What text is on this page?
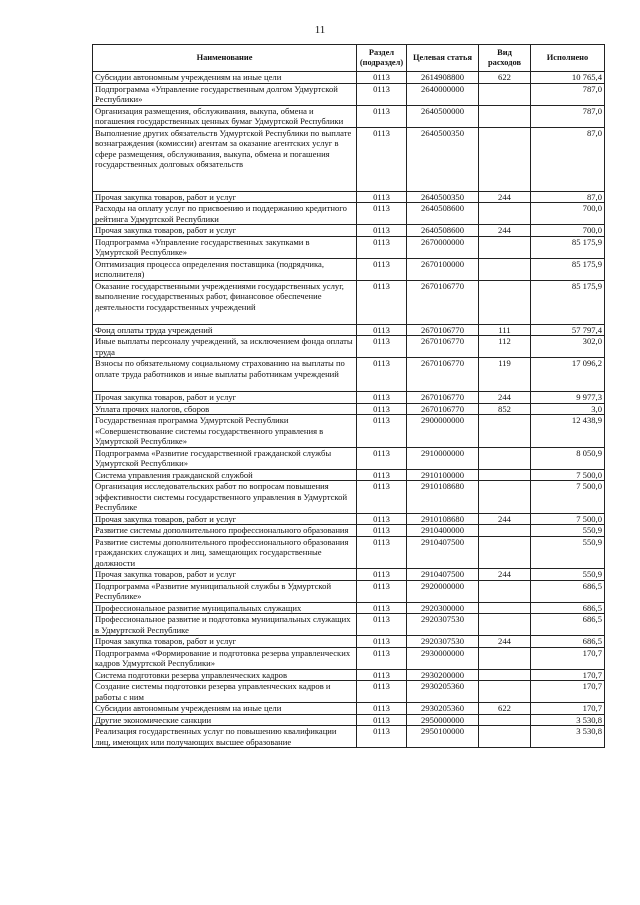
11
Наименование	Раздел (подраздел)	Целевая статья	Вид расходов	Исполнено
Субсидии автономным учреждениям на иные цели	0113	2614908800	622	10 765,4
Подпрограмма «Управление государственным долгом Удмуртской Республики»	0113	2640000000		787,0
Организация размещения, обслуживания, выкупа, обмена и погашения государственных ценных бумаг Удмуртской Республики	0113	2640500000		787,0
Выполнение других обязательств Удмуртской Республики по выплате вознаграждения (комиссии) агентам за оказание агентских услуг в сфере размещения, обслуживания, выкупа, обмена и погашения государственных долговых обязательств	0113	2640500350		87,0
Прочая закупка товаров, работ и услуг	0113	2640500350	244	87,0
Расходы на оплату услуг по присвоению и поддержанию кредитного рейтинга Удмуртской Республики	0113	2640508600		700,0
Прочая закупка товаров, работ и услуг	0113	2640508600	244	700,0
Подпрограмма «Управление государственных закупками в Удмуртской Республике»	0113	2670000000		85 175,9
Оптимизация процесса определения поставщика (подрядчика, исполнителя)	0113	2670100000		85 175,9
Оказание государственными учреждениями государственных услуг, выполнение государственных работ, финансовое обеспечение деятельности государственных учреждений	0113	2670106770		85 175,9
Фонд оплаты труда учреждений	0113	2670106770	111	57 797,4
Иные выплаты персоналу учреждений, за исключением фонда оплаты труда	0113	2670106770	112	302,0
Взносы по обязательному социальному страхованию на выплаты по оплате труда работников и иные выплаты работникам учреждений	0113	2670106770	119	17 096,2
Прочая закупка товаров, работ и услуг	0113	2670106770	244	9 977,3
Уплата прочих налогов, сборов	0113	2670106770	852	3,0
Государственная программа Удмуртской Республики «Совершенствование системы государственного управления в Удмуртской Республике»	0113	2900000000		12 438,9
Подпрограмма «Развитие государственной гражданской службы Удмуртской Республики»	0113	2910000000		8 050,9
Система управления гражданской службой	0113	2910100000		7 500,0
Организация исследовательских работ по вопросам повышения эффективности системы государственного управления в Удмуртской Республике	0113	2910108680		7 500,0
Прочая закупка товаров, работ и услуг	0113	2910108680	244	7 500,0
Развитие системы дополнительного профессионального образования	0113	2910400000		550,9
Развитие системы дополнительного профессионального образования гражданских служащих и лиц, замещающих государственные должности	0113	2910407500		550,9
Прочая закупка товаров, работ и услуг	0113	2910407500	244	550,9
Подпрограмма «Развитие муниципальной службы в Удмуртской Республике»	0113	2920000000		686,5
Профессиональное развитие муниципальных служащих	0113	2920300000		686,5
Профессиональное развитие и подготовка муниципальных служащих в Удмуртской Республике	0113	2920307530		686,5
Прочая закупка товаров, работ и услуг	0113	2920307530	244	686,5
Подпрограмма «Формирование и подготовка резерва управленческих кадров Удмуртской Республики»	0113	2930000000		170,7
Система подготовки резерва управленческих кадров	0113	2930200000		170,7
Создание системы подготовки резерва управленческих кадров и работы с ним	0113	2930205360		170,7
Субсидии автономным учреждениям на иные цели	0113	2930205360	622	170,7
Другие экономические санкции	0113	2950000000		3 530,8
Реализация государственных услуг по повышению квалификации лиц, имеющих или получающих высшее образование	0113	2950100000		3 530,8
